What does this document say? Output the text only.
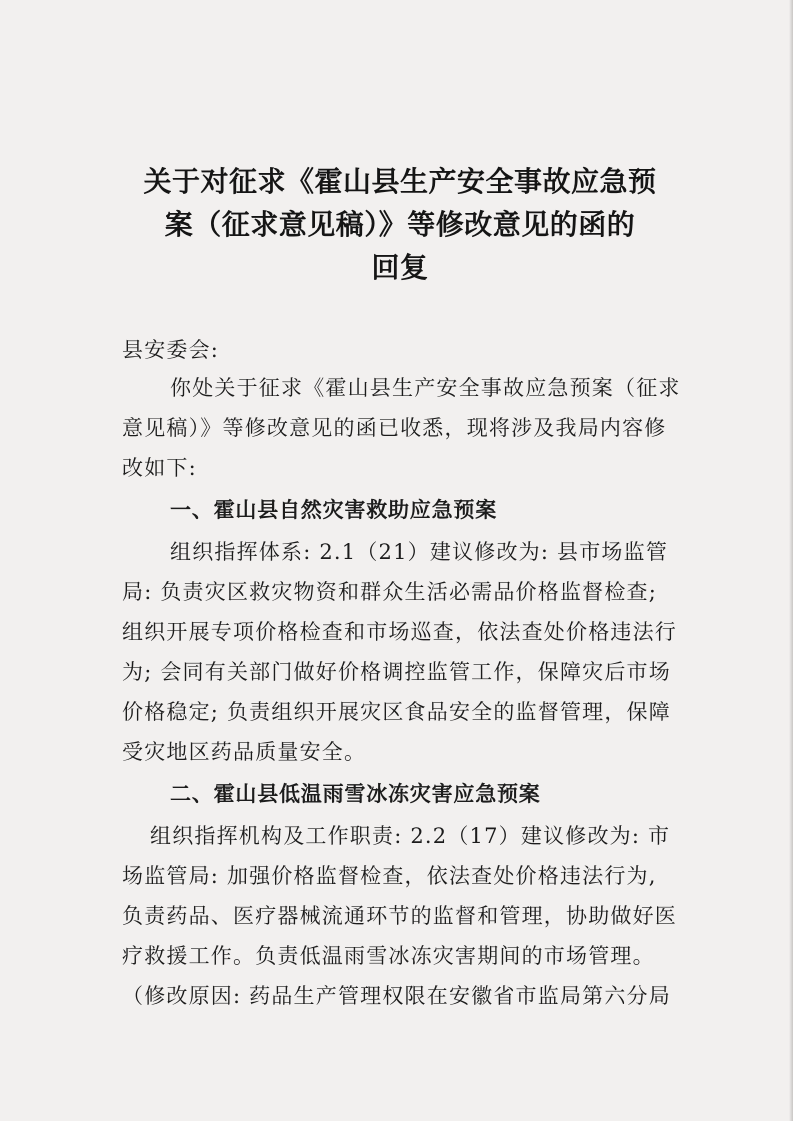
关于对征求《霍山县生产安全事故应急预
案（征求意见稿）》等修改意见的函的
回复
县安委会:
你处关于征求《霍山县生产安全事故应急预案（征求
意见稿）》等修改意见的函已收悉，现将涉及我局内容修
改如下:
一、霍山县自然灾害救助应急预案
组织指挥体系: 2.1（21）建议修改为: 县市场监管
局: 负责灾区救灾物资和群众生活必需品价格监督检查;
组织开展专项价格检查和市场巡查，依法查处价格违法行
为; 会同有关部门做好价格调控监管工作，保障灾后市场
价格稳定; 负责组织开展灾区食品安全的监督管理，保障
受灾地区药品质量安全。
二、霍山县低温雨雪冰冻灾害应急预案
组织指挥机构及工作职责: 2.2（17）建议修改为: 市
场监管局: 加强价格监督检查，依法查处价格违法行为,
负责药品、医疗器械流通环节的监督和管理，协助做好医
疗救援工作。负责低温雨雪冰冻灾害期间的市场管理。
（修改原因: 药品生产管理权限在安徽省市监局第六分局
